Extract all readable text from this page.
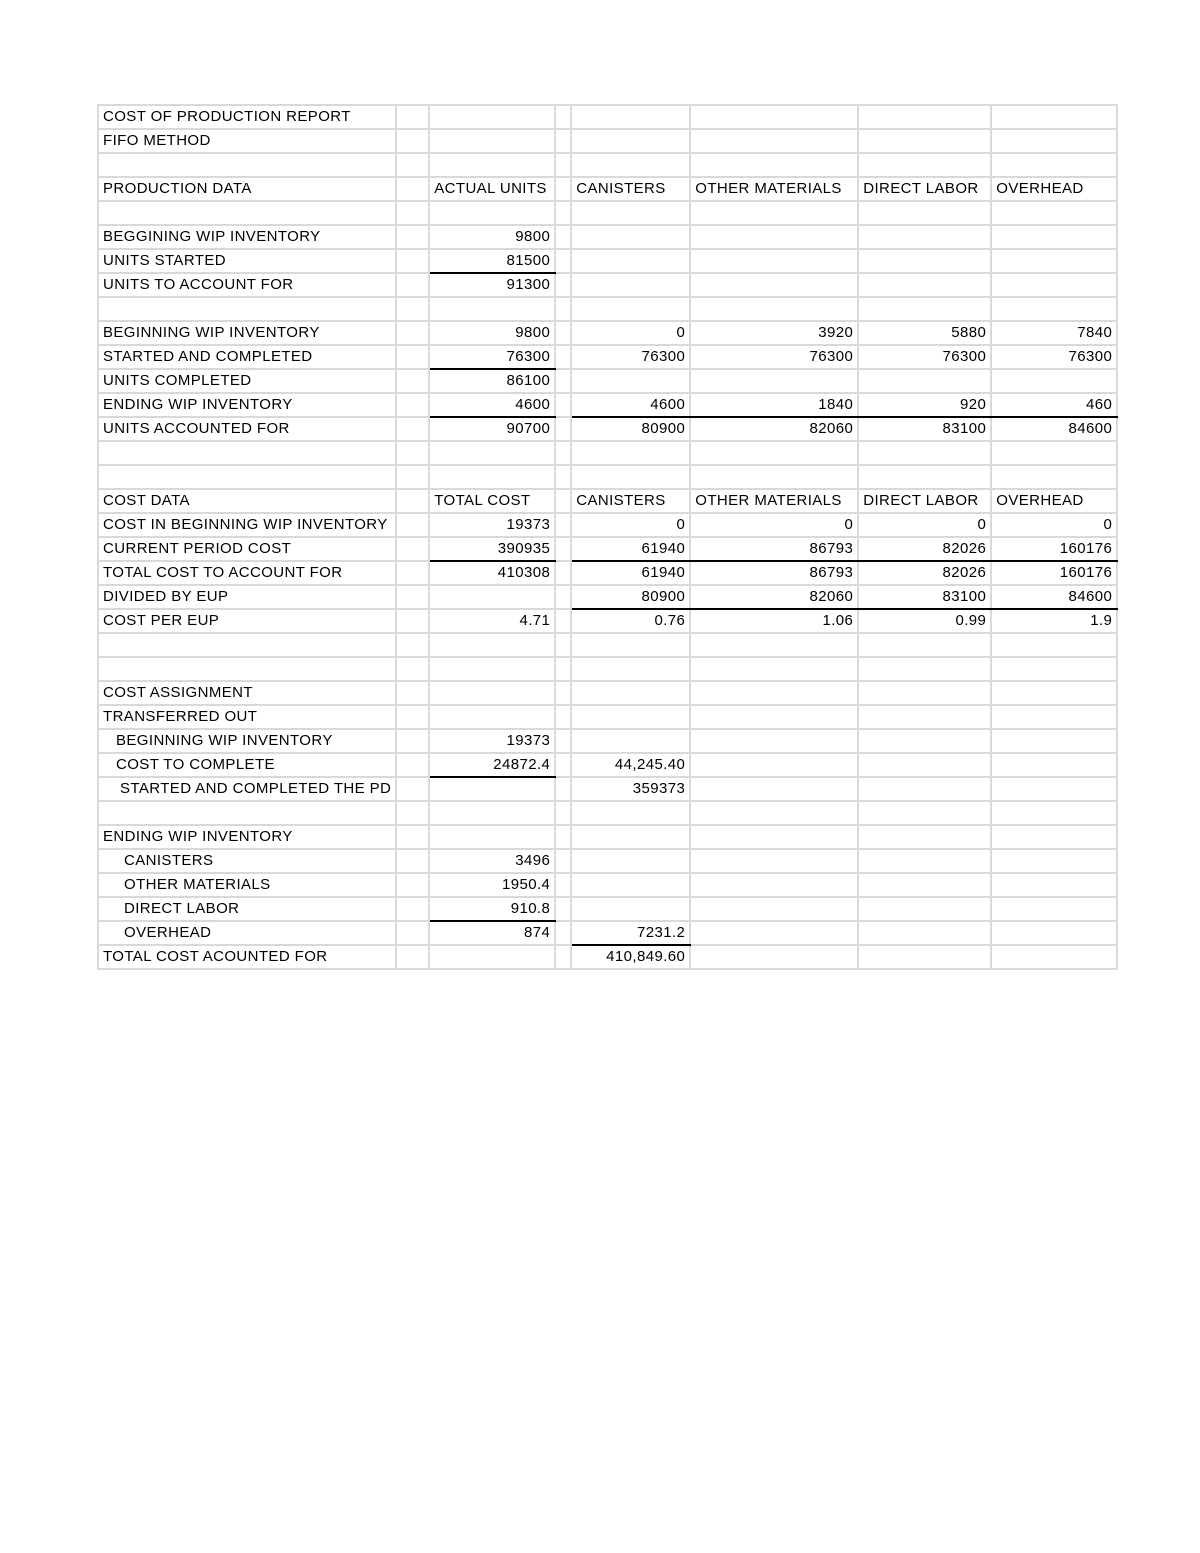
COST OF PRODUCTION REPORT							
FIFO METHOD							

PRODUCTION DATA		ACTUAL UNITS		CANISTERS	OTHER MATERIALS	DIRECT LABOR	OVERHEAD

BEGGINING WIP INVENTORY		9800					
UNITS STARTED		81500					
UNITS TO ACCOUNT FOR		91300					

BEGINNING WIP INVENTORY		9800		0	3920	5880	7840
STARTED AND COMPLETED		76300		76300	76300	76300	76300
UNITS COMPLETED		86100					
ENDING WIP INVENTORY		4600		4600	1840	920	460
UNITS ACCOUNTED FOR		90700		80900	82060	83100	84600

COST DATA		TOTAL COST		CANISTERS	OTHER MATERIALS	DIRECT LABOR	OVERHEAD
COST IN BEGINNING WIP INVENTORY		19373		0	0	0	0
CURRENT PERIOD COST		390935		61940	86793	82026	160176
TOTAL COST TO ACCOUNT FOR		410308		61940	86793	82026	160176
DIVIDED BY EUP				80900	82060	83100	84600
COST PER EUP		4.71		0.76	1.06	0.99	1.9

COST ASSIGNMENT							
TRANSFERRED OUT							
BEGINNING WIP INVENTORY		19373					
COST TO COMPLETE		24872.4		44,245.40			
STARTED AND COMPLETED THE PD				359373			

ENDING WIP INVENTORY							
CANISTERS		3496					
OTHER MATERIALS		1950.4					
DIRECT LABOR		910.8					
OVERHEAD		874		7231.2			
TOTAL COST ACOUNTED FOR				410,849.60			
